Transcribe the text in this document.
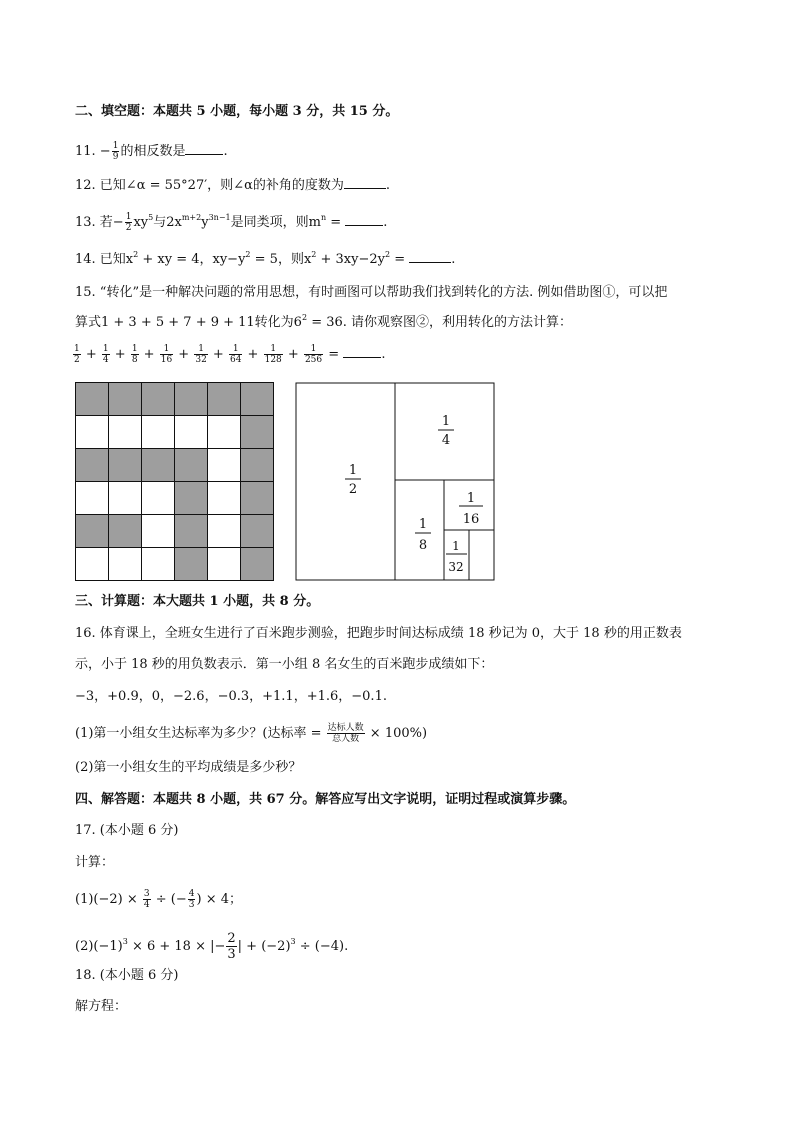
二、填空题：本题共 5 小题，每小题 3 分，共 15 分。
11. − $\frac{1}{9}$ 的相反数是	.
12. 已知∠α = 55°27′，则∠α的补角的度数为	.
13. 若− $\frac{1}{2} xy^5$与$2x^{m+2}y^{3n-1}$是同类项，则$m^n$ =	.
14. 已知$x^2$ + xy = 4，$xy-y^2 = 5$，则$x^2 + 3xy-2y^2$ =	.
15. “转化”是一种解决问题的常用思想，有时画图可以帮助我们找到转化的方法. 例如借助图①，可以把
算式1 + 3 + 5 + 7 + 9 + 11转化为$6^2 = 36$. 请你观察图②，利用转化的方法计算：
$\frac{1}{2} + \frac{1}{4} + \frac{1}{8} + \frac{1}{16} + \frac{1}{32} + \frac{1}{64} + \frac{1}{128} + \frac{1}{256}$ =	.
1
2
1
4
1
8
1
16
1
32
三、计算题：本大题共 1 小题，共 8 分。
16. 体育课上，全班女生进行了百米跑步测验，把跑步时间达标成绩 18 秒记为 0，大于 18 秒的用正数表
示，小于 18 秒的用负数表示．第一小组 8 名女生的百米跑步成绩如下：
−3，+0.9，0，−2.6，−0.3，+1.1，+1.6，−0.1.
(1)第一小组女生达标率为多少？(达标率 = $\frac{\text{达标人数}}{\text{总人数}} \times 100\%$)
(2)第一小组女生的平均成绩是多少秒？
四、解答题：本题共 8 小题，共 67 分。解答应写出文字说明，证明过程或演算步骤。
17. (本小题 6 分)
计算：
$(1)(-2) \times \frac{3}{4}$ ÷ (− $\frac{4}{3}$ ) × 4；
$(2)(-1)^3 \times 6 + 18$ × |− $\frac{2}{3}$ | + $(-2)^3 \div (-4)$.
18. (本小题 6 分)
解方程：
